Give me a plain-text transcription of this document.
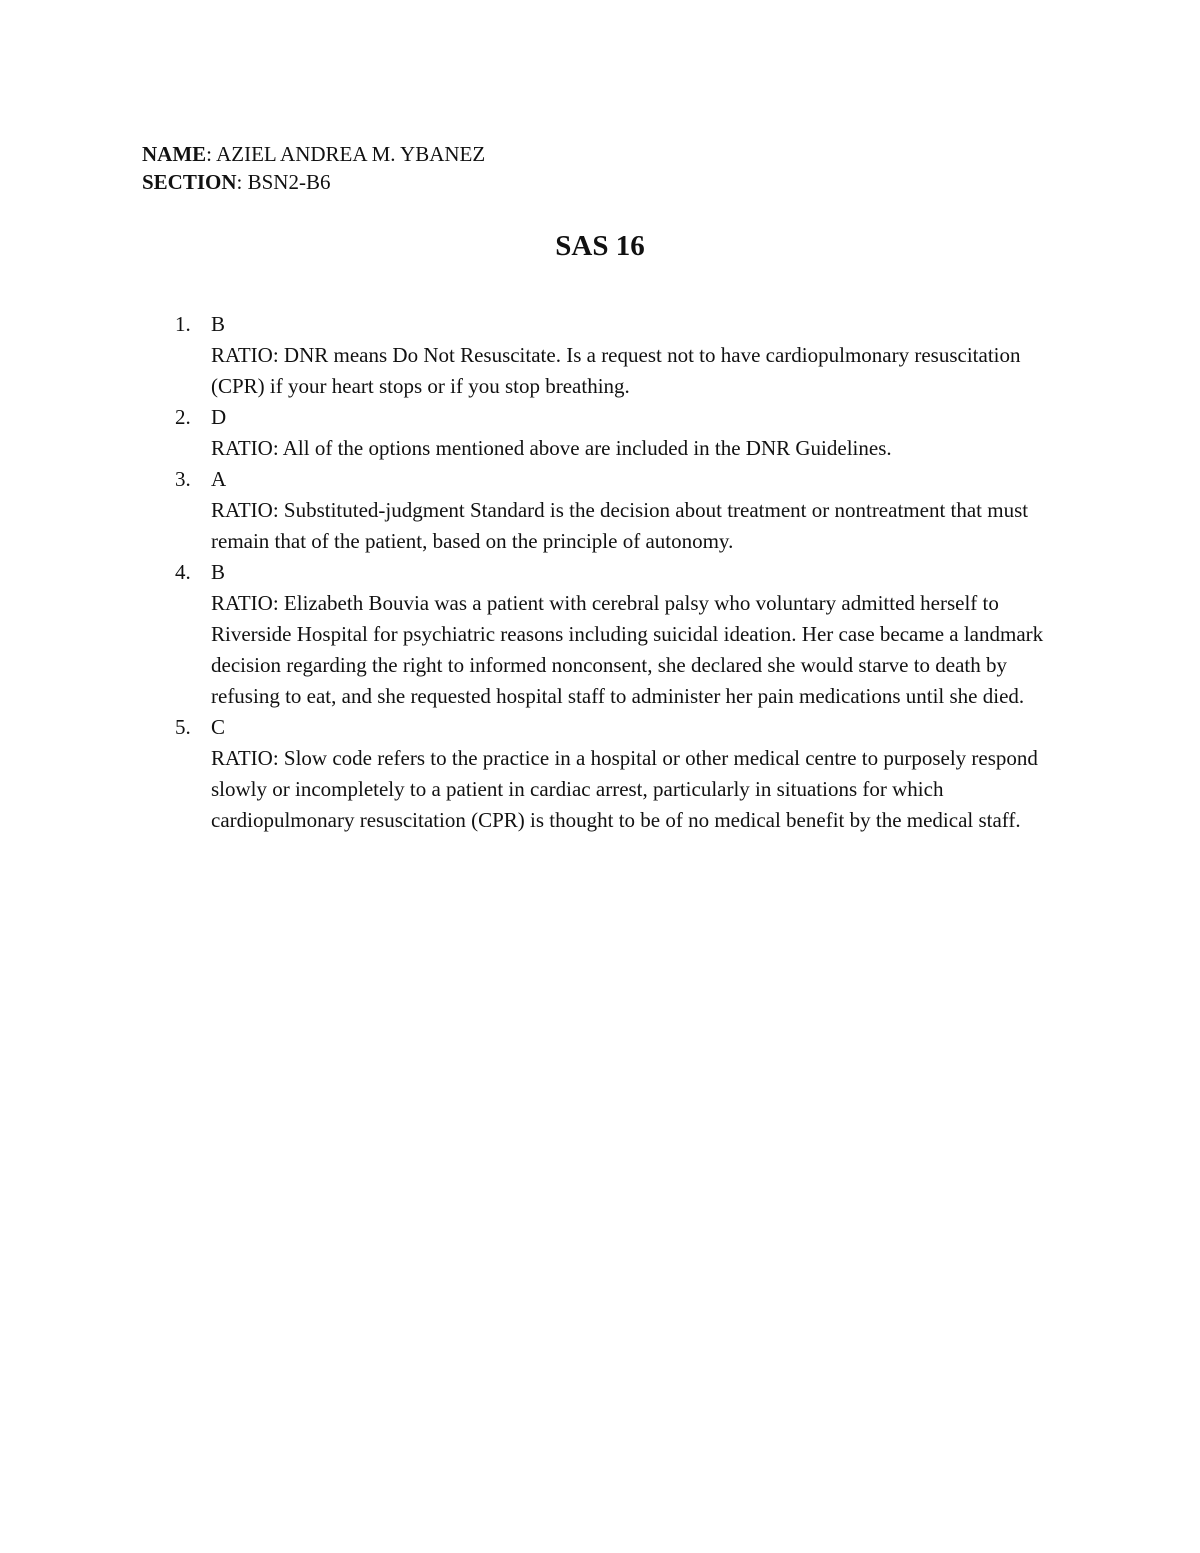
NAME: AZIEL ANDREA M. YBANEZ
SECTION: BSN2-B6
SAS 16
1. B
RATIO: DNR means Do Not Resuscitate. Is a request not to have cardiopulmonary resuscitation (CPR) if your heart stops or if you stop breathing.
2. D
RATIO: All of the options mentioned above are included in the DNR Guidelines.
3. A
RATIO: Substituted-judgment Standard is the decision about treatment or nontreatment that must remain that of the patient, based on the principle of autonomy.
4. B
RATIO: Elizabeth Bouvia was a patient with cerebral palsy who voluntary admitted herself to Riverside Hospital for psychiatric reasons including suicidal ideation. Her case became a landmark decision regarding the right to informed nonconsent, she declared she would starve to death by refusing to eat, and she requested hospital staff to administer her pain medications until she died.
5. C
RATIO: Slow code refers to the practice in a hospital or other medical centre to purposely respond slowly or incompletely to a patient in cardiac arrest, particularly in situations for which cardiopulmonary resuscitation (CPR) is thought to be of no medical benefit by the medical staff.
